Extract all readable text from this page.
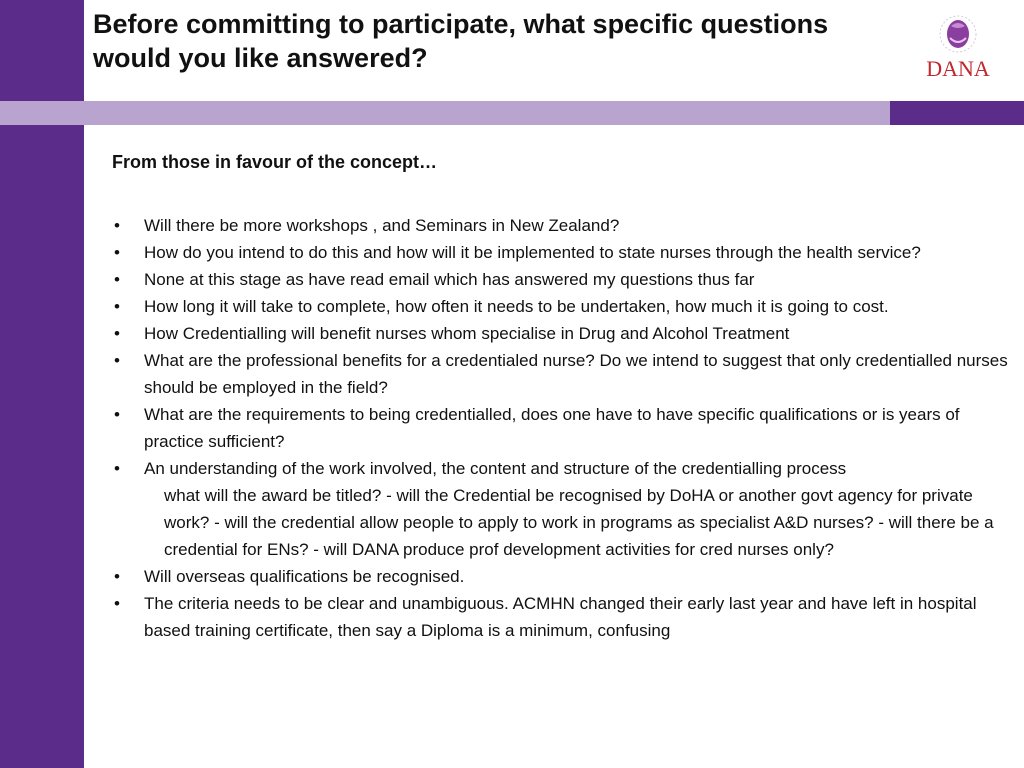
Before committing to participate, what specific questions would you like answered?	DANA

From those in favour of the concept…

• Will there be more workshops , and Seminars in New Zealand?
• How do you intend to do this and how will it be implemented to state nurses through the health service?
• None at this stage as have read email which has answered my questions thus far
• How long it will take to complete, how often it needs to be undertaken, how much it is going to cost.
• How Credentialling will benefit nurses whom specialise in Drug and Alcohol Treatment
• What are the professional benefits for a credentialed nurse? Do we intend to suggest that only credentialled nurses should be employed in the field?
• What are the requirements to being credentialled, does one have to have specific qualifications or is years of practice sufficient?
• An understanding of the work involved, the content and structure of the credentialling process
what will the award be titled? - will the Credential be recognised by DoHA or another govt agency for private work? - will the credential allow people to apply to work in programs as specialist A&D nurses? - will there be a credential for ENs? - will DANA produce prof development activities for cred nurses only?
• Will overseas qualifications be recognised.
• The criteria needs to be clear and unambiguous. ACMHN changed their early last year and have left in hospital based training certificate, then say a Diploma is a minimum, confusing
